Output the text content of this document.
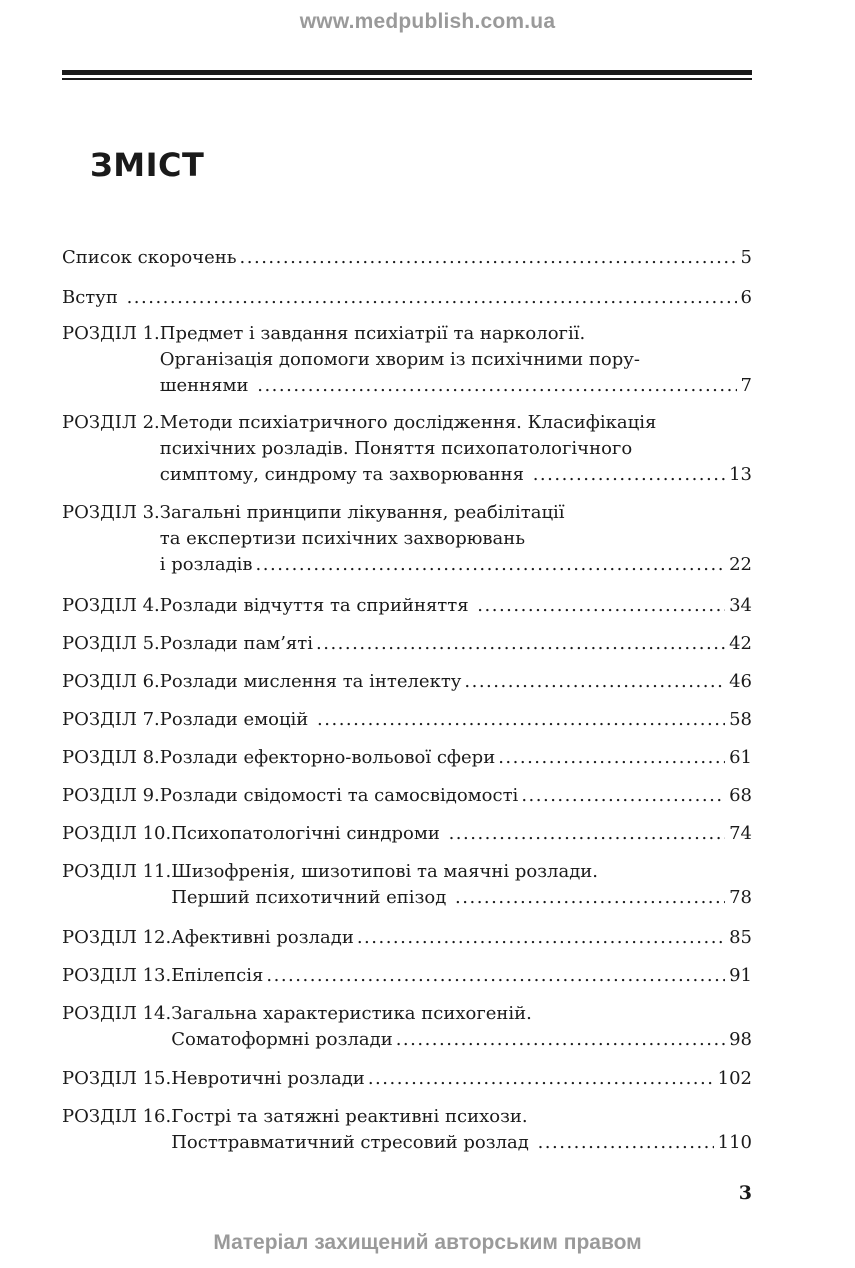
www.medpublish.com.ua
ЗМІСТ
Список скорочень .....	5
Вступ .....	6
РОЗДІЛ 1. Предмет і завдання психіатрії та наркології.
Організація допомоги хворим із психічними пору-
шеннями .....	7
РОЗДІЛ 2. Методи психіатричного дослідження. Класифікація
психічних розладів. Поняття психопатологічного
симптому, синдрому та захворювання .....	13
РОЗДІЛ 3. Загальні принципи лікування, реабілітації
та експертизи психічних захворювань
і розладів .....	22
РОЗДІЛ 4. Розлади відчуття та сприйняття .....	34
РОЗДІЛ 5. Розлади пам’яті .....	42
РОЗДІЛ 6. Розлади мислення та інтелекту .....	46
РОЗДІЛ 7. Розлади емоцій .....	58
РОЗДІЛ 8. Розлади ефекторно-вольової сфери .....	61
РОЗДІЛ 9. Розлади свідомості та самосвідомості .....	68
РОЗДІЛ 10. Психопатологічні синдроми .....	74
РОЗДІЛ 11. Шизофренія, шизотипові та маячні розлади.
Перший психотичний епізод .....	78
РОЗДІЛ 12. Афективні розлади .....	85
РОЗДІЛ 13. Епілепсія .....	91
РОЗДІЛ 14. Загальна характеристика психогеній.
Соматоформні розлади .....	98
РОЗДІЛ 15. Невротичні розлади .....	102
РОЗДІЛ 16. Гострі та затяжні реактивні психози.
Посттравматичний стресовий розлад .....	110
3
Матеріал захищений авторським правом
